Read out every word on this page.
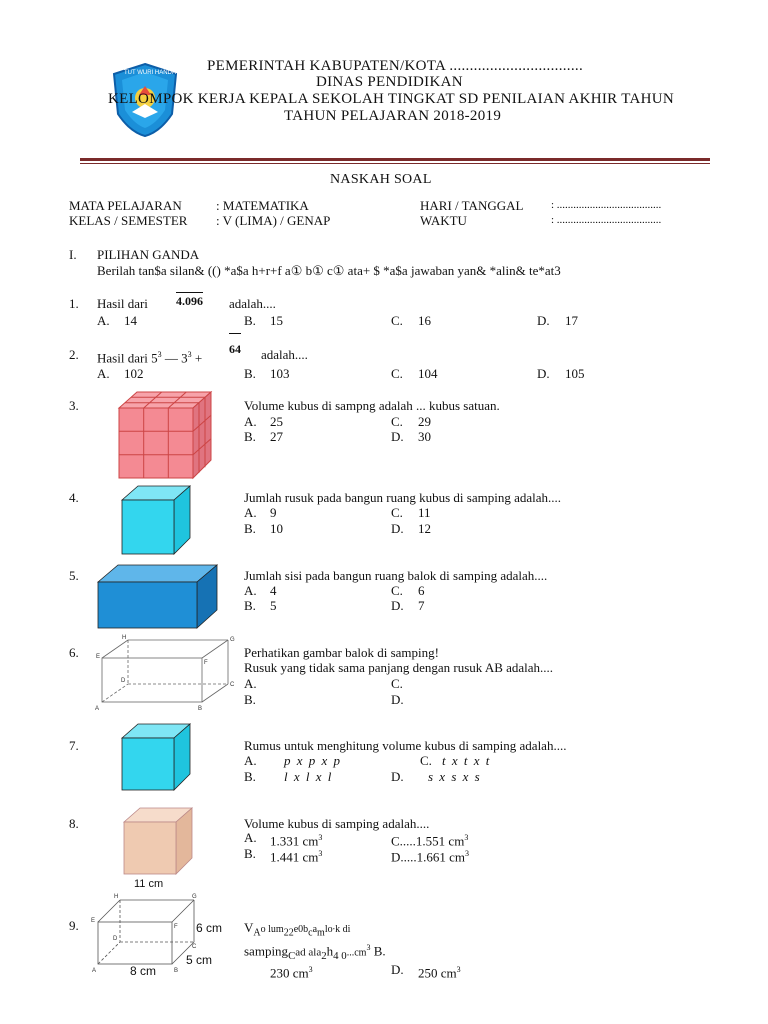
TUT WURI HANDAYANI PEMERINTAH KABUPATEN/KOTA .................................
DINAS PENDIDIKAN
KELOMPOK KERJA KEPALA SEKOLAH TINGKAT SD PENILAIAN AKHIR TAHUN
TAHUN PELAJARAN 2018-2019
NASKAH SOAL
MATA PELAJARAN	: MATEMATIKA	HARI / TANGGAL	: ......................................
KELAS / SEMESTER : V (LIMA) / GENAP	WAKTU	: ......................................
I. PILIHAN GANDA
Berilah tan$a silan& (() *a$a h+r+f a① b① c① ata+ $ *a$a jawaban yan& *alin& te*at3
1. Hasil dari 4.096 adalah....
A. 14	B. 15	C. 16	D. 17
2. Hasil dari $5^3$ — $3^3$ +
64 adalah....
A. 102	B. 103	C. 104	D. 105
3.	Volume kubus di sampng adalah ... kubus satuan.
A. 25	C. 29
B. 27	D. 30
4.	Jumlah rusuk pada bangun ruang kubus di samping adalah....
A. 9	C. 11
B. 10	D. 12
5.	Jumlah sisi pada bangun ruang balok di samping adalah....
A. 4	C. 6
B. 5	D. 7
6.
H	G
E
F
D
C
A	B
Perhatikan gambar balok di samping!
Rusuk yang tidak sama panjang dengan rusuk AB adalah....
A.	C.
B.	D.
7.	Rumus untuk menghitung volume kubus di samping adalah....
A. p x p x p	C. t x t x t
B. l x l x l	D. s x s x s
8.
11 cm
Volume kubus di samping adalah....
A. 1.331 $cm^3$	C.....1.551 $cm^3$
B. 1.441 $cm^3$	D.....1.661 $cm^3$
9.
H	G
E
F
D
C
A	B
6 cm
5 cm
8 cm
$V_Ao$ $lum_{22}e0b_ca_mlo\cdot k$ di
samping$_C$ad $ala_2h_{4 0}...cm^3$ B.
230 $cm^3$	D. 250 $cm^3$
